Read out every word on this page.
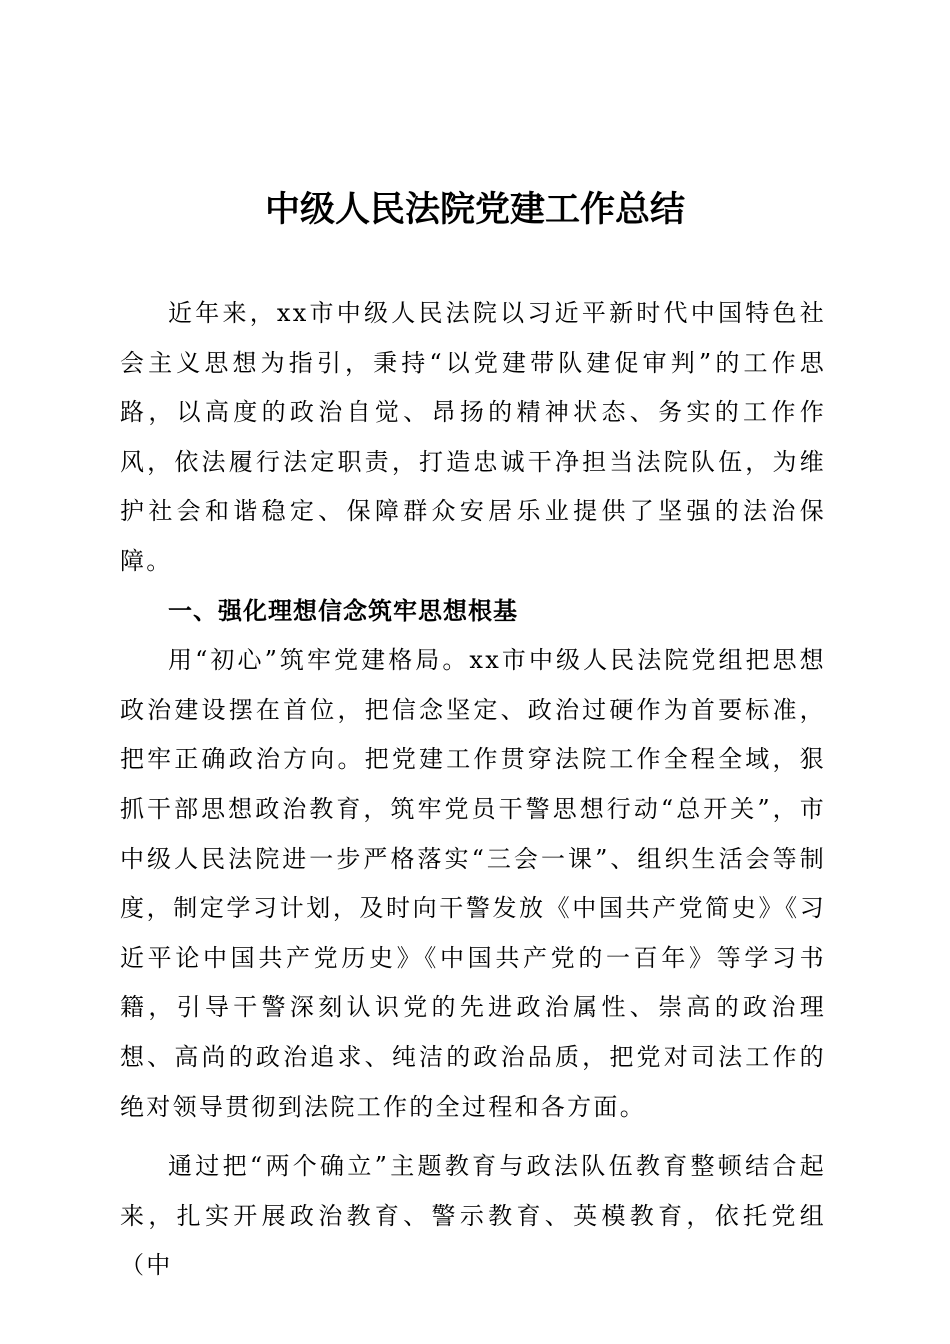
中级人民法院党建工作总结

近年来，xx市中级人民法院以习近平新时代中国特色社会主义思想为指引，秉持“以党建带队建促审判”的工作思路，以高度的政治自觉、昂扬的精神状态、务实的工作作风，依法履行法定职责，打造忠诚干净担当法院队伍，为维护社会和谐稳定、保障群众安居乐业提供了坚强的法治保障。

一、强化理想信念筑牢思想根基

用“初心”筑牢党建格局。xx市中级人民法院党组把思想政治建设摆在首位，把信念坚定、政治过硬作为首要标准，把牢正确政治方向。把党建工作贯穿法院工作全程全域，狠抓干部思想政治教育，筑牢党员干警思想行动“总开关”，市中级人民法院进一步严格落实“三会一课”、组织生活会等制度，制定学习计划，及时向干警发放《中国共产党简史》《习近平论中国共产党历史》《中国共产党的一百年》等学习书籍，引导干警深刻认识党的先进政治属性、崇高的政治理想、高尚的政治追求、纯洁的政治品质，把党对司法工作的绝对领导贯彻到法院工作的全过程和各方面。

通过把“两个确立”主题教育与政法队伍教育整顿结合起来，扎实开展政治教育、警示教育、英模教育，依托党组（中
